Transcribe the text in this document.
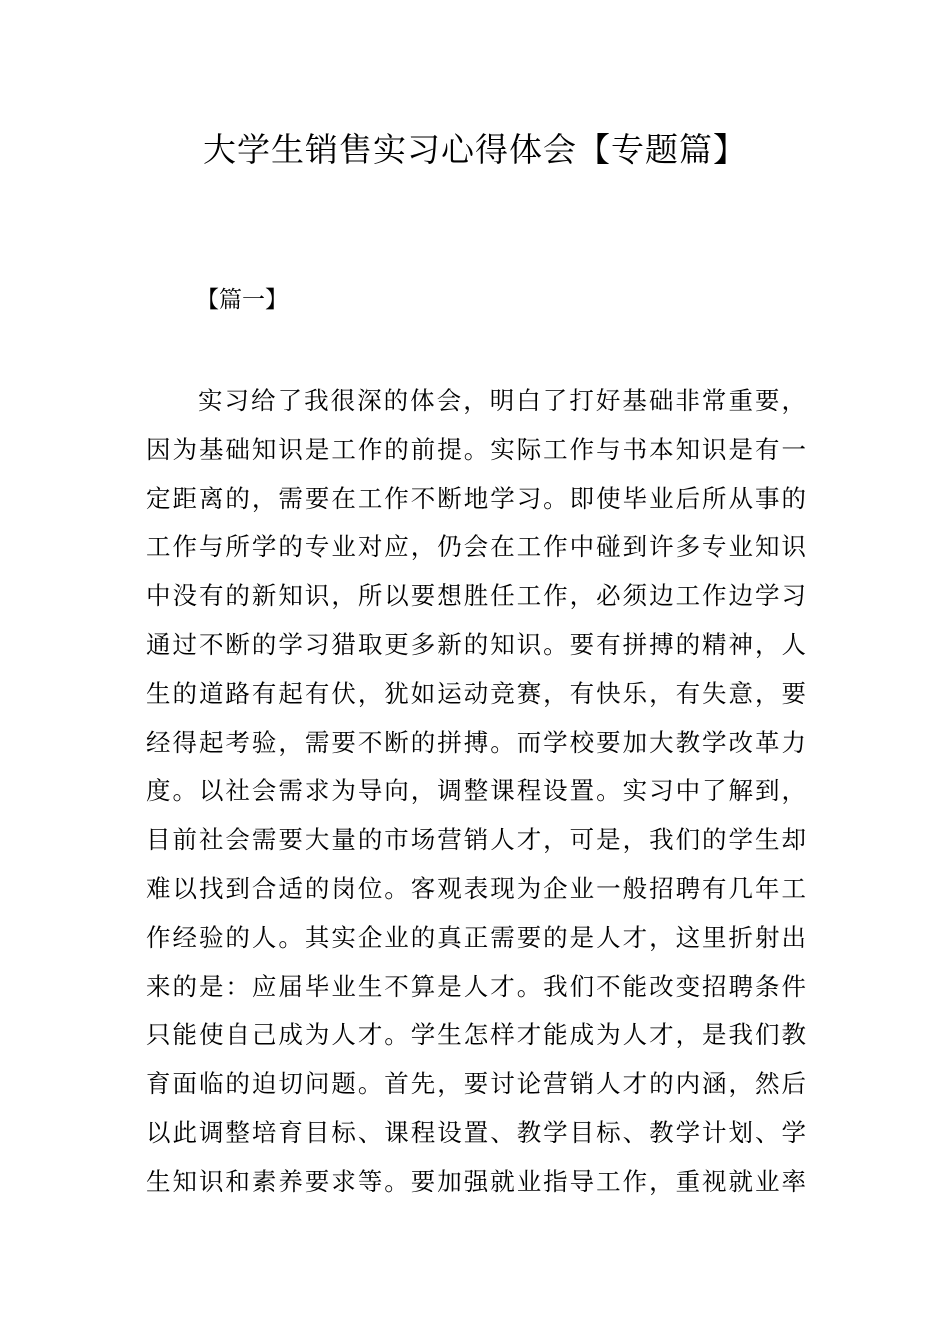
大学生销售实习心得体会【专题篇】
【篇一】
实习给了我很深的体会，明白了打好基础非常重要，
因为基础知识是工作的前提。实际工作与书本知识是有一
定距离的，需要在工作不断地学习。即使毕业后所从事的
工作与所学的专业对应，仍会在工作中碰到许多专业知识
中没有的新知识，所以要想胜任工作，必须边工作边学习
通过不断的学习猎取更多新的知识。要有拼搏的精神，人
生的道路有起有伏，犹如运动竞赛，有快乐，有失意，要
经得起考验，需要不断的拼搏。而学校要加大教学改革力
度。以社会需求为导向，调整课程设置。实习中了解到，
目前社会需要大量的市场营销人才，可是，我们的学生却
难以找到合适的岗位。客观表现为企业一般招聘有几年工
作经验的人。其实企业的真正需要的是人才，这里折射出
来的是：应届毕业生不算是人才。我们不能改变招聘条件
只能使自己成为人才。学生怎样才能成为人才，是我们教
育面临的迫切问题。首先，要讨论营销人才的内涵，然后
以此调整培育目标、课程设置、教学目标、教学计划、学
生知识和素养要求等。要加强就业指导工作，重视就业率
